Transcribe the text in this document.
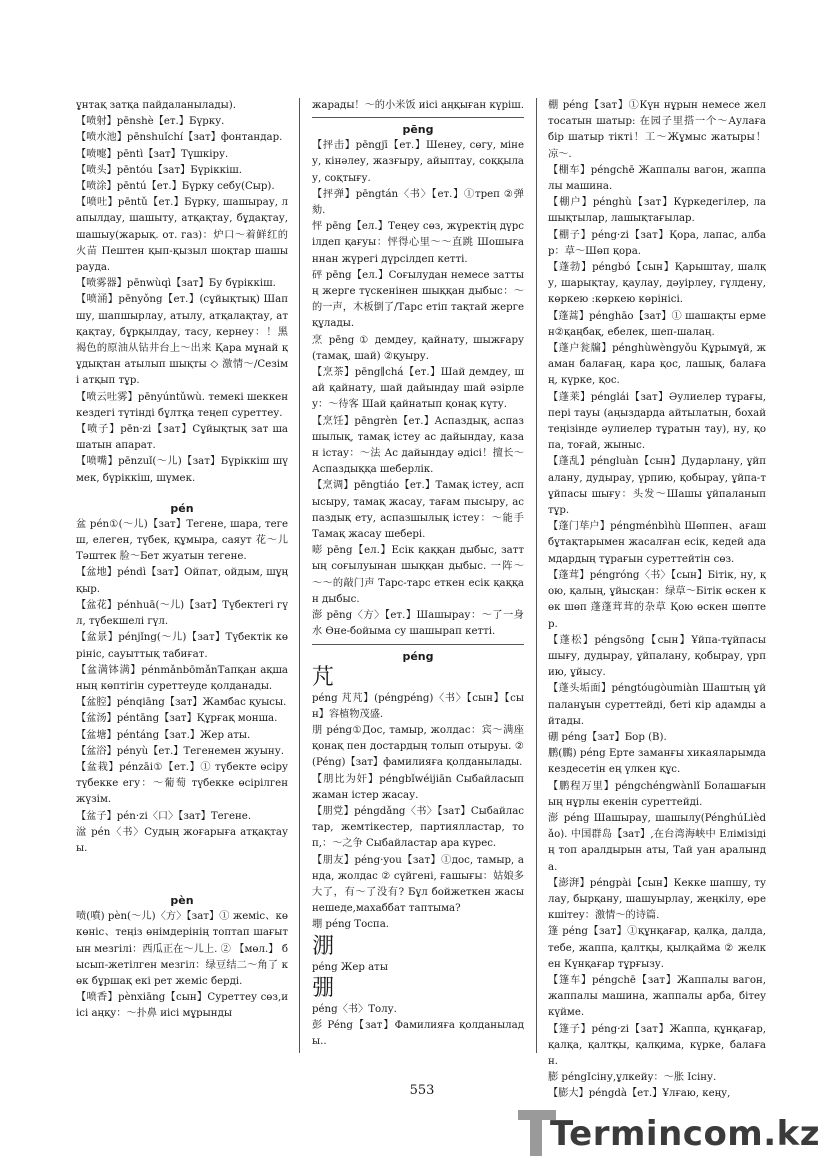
ұнтақ затқа пайдаланылады).

【喷射】pēnshè【ет.】Бүрку.

【喷水池】pēnshuǐchí【зат】фонтандар.

【喷嚏】pēntì【зат】Түшкіру.

【喷头】pēntóu【зат】Бүріккіш.

【喷涂】pēntú【ет.】Бүрку себу(Сыр).

【喷吐】pēntǔ【ет.】Бүрку, шашырау, лапылдау, шашыту, атқақтау, бұдақтау, шашыу(жарық. от. газ)：炉口～着鲜红的火苗 Пештен қып-қызыл шоқтар шашырауда.

【喷雾器】pēnwùqì【зат】Бу бүріккіш.

【喷涌】pēnyǒng【ет.】(сұйықтық) Шапшу, шапшырлау, атылу, атқалақтау, атқақтау, бұрқылдау, тасу, кернеу：！黑褐色的原油从钻井台上～出来 Қара мұнай құдықтан атылып шықты ◇ 激情～/Сезімі атқып тұр.

【喷云吐雾】pēnyúntǔwù. темекі шеккен кездегі түтінді бұлтқа теңеп суреттеу.

【喷子】pēn·zi【зат】Сұйықтық зат шашатын апарат.

【喷嘴】pēnzuǐ(～儿)【зат】Бүріккіш шүмек, бүріккіш, шүмек.

pén

盆 pén①(～儿)【зат】Тегене, шара, тегеш, елеген, түбек, құмыра, саяут 花～儿 Тәштек 脸～Бет жуатын тегене.

【盆地】péndì【зат】Ойпат, ойдым, шұңқыр.

【盆花】pénhuā(～儿)【зат】Түбектегі гүл, түбекшелі гүл.

【盆景】pénjǐng(～儿)【зат】Түбектік көрініс, сауыттық табиғат.

【盆满钵满】pénmǎnbōmǎnТапқан ақшаның көптігін суреттеуде қолданады.

【盆腔】pénqiāng【зат】Жамбас қуысы.

【盆汤】péntāng【зат】Құрғақ монша.

【盆塘】péntáng【зат.】Жер аты.

【盆浴】pényù【ет.】Тегенемен жуыну.

【盆栽】pénzāi①【ет.】① түбекте өсіру түбекке егу：～葡萄 түбекке өсірілген жүзім.

【盆子】pén·zi〈口〉【зат】Тегене.

湓 pén〈书〉Судың жоғарыға атқақтауы.

pèn

喷(噴) pèn(～儿)〈方〉【зат】① жеміс、көкөніс、теңіз өнімдерінің топтап шағытын мезгілі：西瓜正在～儿上. ② 【мөл.】 бысып-жетілген мезгіл：绿豆结二～角了 көк бұршақ екі рет жеміс берді.

【喷香】pènxiāng【сын】Суреттеу сөз,иісі аңқу：～扑鼻 иісі мұрынды

жарады！～的小米饭 иісі аңқыған күріш.

pēng

【抨击】pēngjī【ет.】Шенеу, сөгу, мінеу, кінәлеу, жазғыру, айыптау, соққылау, соқтығу.

【抨弹】pēngtán〈书〉【ет.】①треп ②弹劾.

怦 pēng【ел.】Теңеу сөз, жүректің дүрсілдеп қағуы：怦得心里～～直跳 Шошығаннан жүрегі дүрсілдеп кетті.

砰 pēng【ел.】Соғылудан немесе заттың жерге түскенінен шыққан дыбыс：～的一声，木板倒了/Тарс етіп тақтай жерге құлады.

烹 pēng ① демдеу, қайнату, шыжғару (тамақ, шай) ②қуыру.

【烹茶】pēng∥chá【ет.】Шай демдеу, шай қайнату, шай дайындау шай әзірлеу：～待客 Шай қайнатып қонақ күту.

【烹饪】pēngrèn【ет.】Аспаздық, аспазшылық, тамақ істеу ас дайындау, казан істау：～法 Ас дайындау әдісі！擅长～Аспаздыққа шеберлік.

【烹调】pēngtiáo【ет.】Тамақ істеу, аспысыру, тамақ жасау, тағам пысыру, аспаздық ету, аспазшылық істеу：～能手 Тамақ жасау шебері.

嘭 pēng【ел.】Есік қаққан дыбыс, заттың соғылуынан шыққан дыбыс. 一阵～～～的敲门声 Тарс-тарс еткен есік қаққан дыбыс.

澎 pēng〈方〉【ет.】Шашырау：～了一身水 Өне-бойыма су шашырап кетті.

péng
芃

péng 芃芃】(péngpéng)〈书〉【сын】【сын】容植物茂盛.

朋 péng①Дос, тамыр, жолдас：宾～满座 қонақ пен достардың толып отыруы. ② (Péng)【зат】фамилияға қолданылады.

【朋比为奸】péngbǐwéijiān Сыбайласып жаман істер жасау.

【朋党】péngdǎng〈书〉【зат】Сыбайластар, жемтікестер, партиялластар, топ,：～之争 Сыбайластар ара күрес.

【朋友】péng·you【зат】①дос, тамыр, анда, жолдас ② сүйгені, ғашығы：姑娘多大了，有～了没有? Бұл бойжеткен жасы нешеде,махаббат таптыма?

堋 péng Тоспа.

淜

péng Жер аты

弸

péng〈书〉Толу.

彭 Péng【зат】Фамилияға қолданылады..

棚 péng【зат】①Күн нұрын немесе жел тосатын шатыр: 在园子里搭一个～Аулаға бір шатыр тікті！工～Жұмыс жатыры！凉～.

【棚车】péngchē Жаппалы вагон, жаппалы машина.

【棚户】pénghù【зат】Күркедегілер, лашықтылар, лашықтағылар.

【棚子】péng·zi【зат】Қора, лапас, албар：草～Шөп қора.

【蓬勃】péngbó【сын】Қарыштау, шалқу, шарықтау, қаулау, дәуірлеу, гүлдену, көркею :көркею көрінісі.

【蓬蒿】pénghāo【зат】① шашақты ермен②қаңбақ, ебелек, шеп-шалаң.

【蓬户瓮牖】pénghùwèngyǒu Құрымұй, жаман балағаң, кара қос, лашық, балағаң, күрке, қос.

【蓬莱】pénglái【зат】Әулиелер тұрағы, пері тауы (аңыздарда айтылатын, бохай теңізінде әулиелер тұратын тау), ну, қопа, тоғай, жыныс.

【蓬乱】péngluàn【сын】Дударлану, ұйпалану, дудырау, үрпию, қобырау, ұйпа-тұйпасы шығу：头发～Шашы ұйпаланып тұр.

【蓬门荜户】péngménbìhù Шөппен、ағашбұтақтарымен жасалған есік, кедей адамдардың тұрағын суреттейтін сөз.

【蓬茸】péngróng〈书〉【сын】Бітік, ну, қою, қалың, ұйысқан：绿草～Бітік өскен көк шөп 蓬蓬茸茸的杂草 Қою өскен шөптер.

【蓬松】péngsōng【сын】Ұйпа-тұйпасы шығу, дудырау, ұйпалану, қобырау, үрпию, ұйысу.

【蓬头垢面】péngtóugòumiàn Шаштың ұйпаланұын суреттейді, беті кір адамды айтады.

硼 péng【зат】Бор (B).

鹏(鵬) péng Ерте заманғы хикаяларымда кездесетін ең үлкен құс.

【鹏程万里】péngchéngwànlǐ Болашағының нұрлы екенін суреттейді.

澎 péng Шашырау, шашылу(PénghúLièdǎo). 中国群岛【зат】,在台湾海峡中 Елімізідің топ аралдырын аты, Тай уан аралында.

【澎湃】péngpài【сын】Кекке шапшу, тулау, бырқану, шашуырлау, жеңкілу, өрекшітеу：激情～的诗篇.

篷 péng【зат】①құнқағар, қалқа, далда, тебе, жаппа, қалтқы, қылқайма ② желкен Күнқағар тұрғызу.

【篷车】péngchē【зат】Жаппалы вагон, жаппалы машина, жаппалы арба, бітеу күйме.

【篷子】péng·zi【зат】Жаппа, құнқағар, қалқа, қалтқы, қалқима, күрке, балаған.

膨 péngІсіну,ұлкейу：～胀 Ісіну.

【膨大】péngdà【ет.】Ұлғаю, кеңу,

553
Termincom.kz
